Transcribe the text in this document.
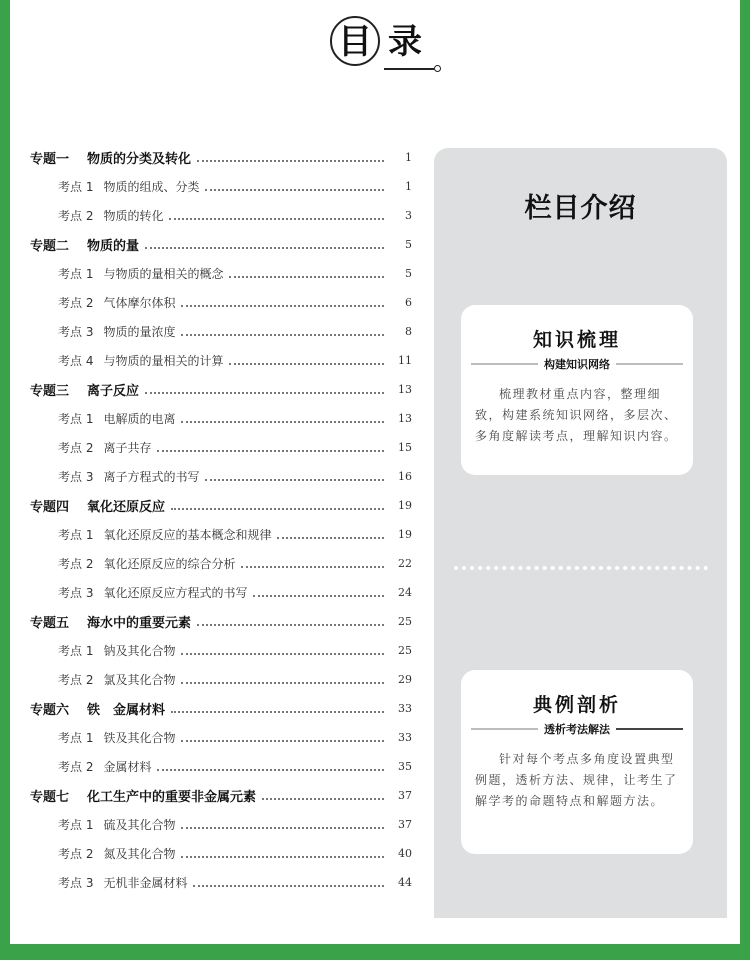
目 录
专题一 物质的分类及转化	1
考点 1 物质的组成、分类	1
考点 2 物质的转化	3
专题二 物质的量	5
考点 1 与物质的量相关的概念	5
考点 2 气体摩尔体积	6
考点 3 物质的量浓度	8
考点 4 与物质的量相关的计算	11
专题三 离子反应	13
考点 1 电解质的电离	13
考点 2 离子共存	15
考点 3 离子方程式的书写	16
专题四 氧化还原反应	19
考点 1 氧化还原反应的基本概念和规律	19
考点 2 氧化还原反应的综合分析	22
考点 3 氧化还原反应方程式的书写	24
专题五 海水中的重要元素	25
考点 1 钠及其化合物	25
考点 2 氯及其化合物	29
专题六 铁　金属材料	33
考点 1 铁及其化合物	33
考点 2 金属材料	35
专题七 化工生产中的重要非金属元素	37
考点 1 硫及其化合物	37
考点 2 氮及其化合物	40
考点 3 无机非金属材料	44
栏目介绍
知识梳理
构建知识网络
梳理教材重点内容，整理细致，构建系统知识网络，多层次、多角度解读考点，理解知识内容。
典例剖析
透析考法解法
针对每个考点多角度设置典型例题，透析方法、规律，让考生了解学考的命题特点和解题方法。
